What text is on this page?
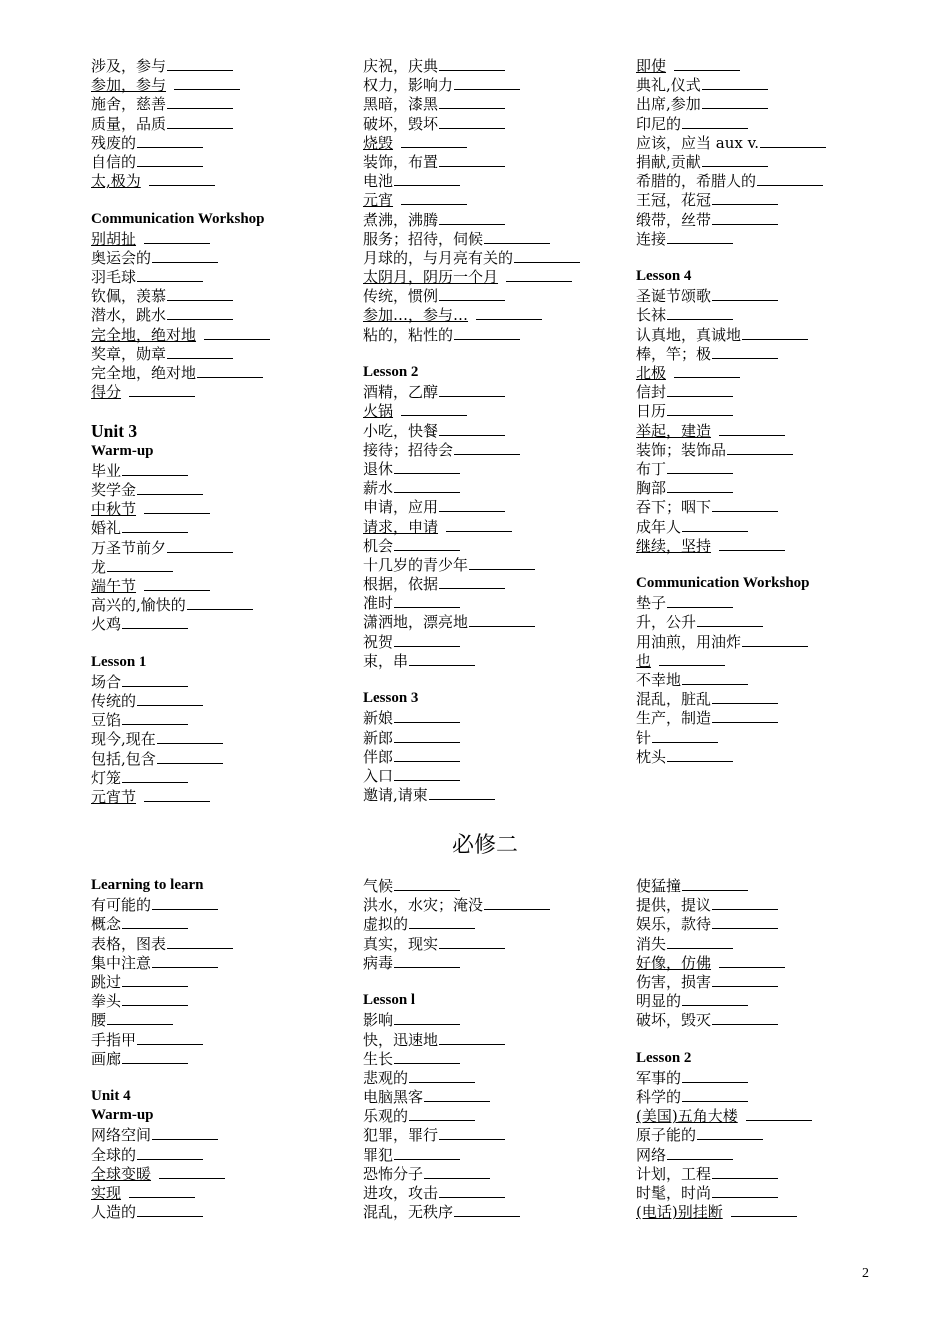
涉及，参与
参加，参与
施舍，慈善
质量，品质
残废的
自信的
太,极为
Communication Workshop
别胡扯
奥运会的
羽毛球
钦佩，羡慕
潜水，跳水
完全地，绝对地
奖章，勋章
完全地，绝对地
得分
Unit 3
Warm-up
毕业
奖学金
中秋节
婚礼
万圣节前夕
龙
端午节
高兴的,愉快的
火鸡
Lesson 1
场合
传统的
豆馅
现今,现在
包括,包含
灯笼
元宵节
庆祝，庆典
权力，影响力
黑暗，漆黑
破坏，毁坏
烧毁
装饰，布置
电池
元宵
煮沸，沸腾
服务；招待，伺候
月球的，与月亮有关的
太阴月，阴历一个月
传统，惯例
参加…，参与…
粘的，粘性的
Lesson 2
酒精，乙醇
火锅
小吃，快餐
接待；招待会
退休
薪水
申请，应用
请求，申请
机会
十几岁的青少年
根据，依据
准时
潇洒地，漂亮地
祝贺
束，串
Lesson 3
新娘
新郎
伴郎
入口
邀请,请柬
即使
典礼,仪式
出席,参加
印尼的
应该，应当 aux v.
捐献,贡献
希腊的，希腊人的
王冠，花冠
缎带，丝带
连接
Lesson 4
圣诞节颂歌
长袜
认真地，真诚地
棒，竿；极
北极
信封
日历
举起，建造
装饰；装饰品
布丁
胸部
吞下；咽下
成年人
继续，坚持
Communication Workshop
垫子
升，公升
用油煎，用油炸
也
不幸地
混乱，脏乱
生产，制造
针
枕头
必修二
Learning to learn
有可能的
概念
表格，图表
集中注意
跳过
拳头
腰
手指甲
画廊
Unit 4
Warm-up
网络空间
全球的
全球变暖
实现
人造的
气候
洪水，水灾；淹没
虚拟的
真实，现实
病毒
Lesson l
影响
快，迅速地
生长
悲观的
电脑黑客
乐观的
犯罪，罪行
罪犯
恐怖分子
进攻，攻击
混乱，无秩序
使猛撞
提供，提议
娱乐，款待
消失
好像，仿佛
伤害，损害
明显的
破坏，毁灭
Lesson 2
军事的
科学的
(美国)五角大楼
原子能的
网络
计划，工程
时髦，时尚
(电话)别挂断
2
